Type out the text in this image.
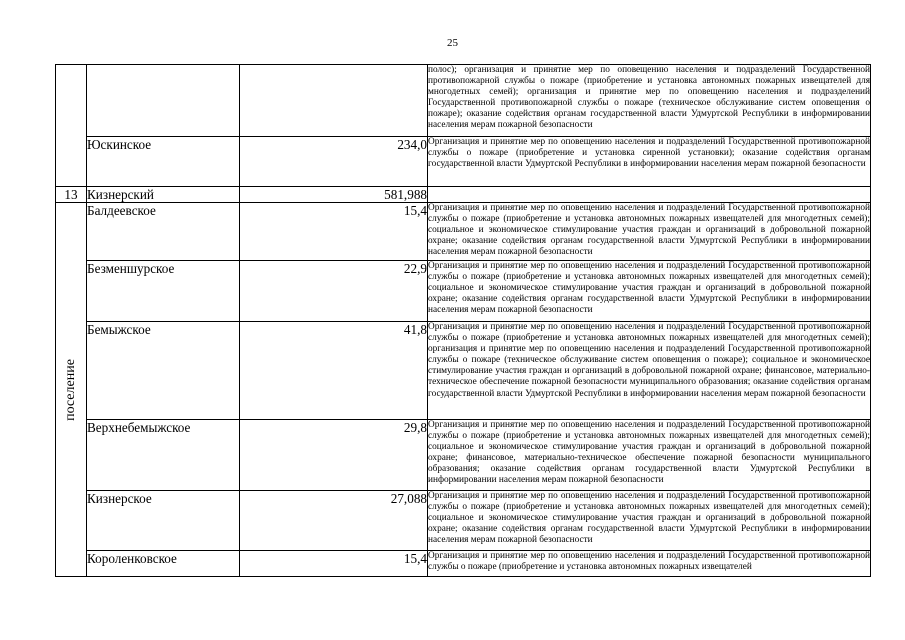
25
			полос); организация и принятие мер по оповещению населения и подразделений Государственной противопожарной службы о пожаре (приобретение и установка автономных пожарных извещателей для многодетных семей); организация и принятие мер по оповещению населения и подразделений Государственной противопожарной службы о пожаре (техническое обслуживание систем оповещения о пожаре); оказание содействия органам государственной власти Удмуртской Республики в информировании населения мерам пожарной безопасности
	Юскинское	234,0	Организация и принятие мер по оповещению населения и подразделений Государственной противопожарной службы о пожаре (приобретение и установка сиренной установки); оказание содействия органам государственной власти Удмуртской Республики в информировании населения мерам пожарной безопасности
13	Кизнерский	581,988	

поселение	Балдеевское	15,4	Организация и принятие мер по оповещению населения и подразделений Государственной противопожарной службы о пожаре (приобретение и установка автономных пожарных извещателей для многодетных семей); социальное и экономическое стимулирование участия граждан и организаций в добровольной пожарной охране; оказание содействия органам государственной власти Удмуртской Республики в информировании населения мерам пожарной безопасности
	Безменшурское	22,9	Организация и принятие мер по оповещению населения и подразделений Государственной противопожарной службы о пожаре (приобретение и установка автономных пожарных извещателей для многодетных семей); социальное и экономическое стимулирование участия граждан и организаций в добровольной пожарной охране; оказание содействия органам государственной власти Удмуртской Республики в информировании населения мерам пожарной безопасности
	Бемыжское	41,8	Организация и принятие мер по оповещению населения и подразделений Государственной противопожарной службы о пожаре (приобретение и установка автономных пожарных извещателей для многодетных семей); организация и принятие мер по оповещению населения и подразделений Государственной противопожарной службы о пожаре (техническое обслуживание систем оповещения о пожаре); социальное и экономическое стимулирование участия граждан и организаций в добровольной пожарной охране; финансовое, материально-техническое обеспечение пожарной безопасности муниципального образования; оказание содействия органам государственной власти Удмуртской Республики в информировании населения мерам пожарной безопасности
	Верхнебемыжское	29,8	Организация и принятие мер по оповещению населения и подразделений Государственной противопожарной службы о пожаре (приобретение и установка автономных пожарных извещателей для многодетных семей); социальное и экономическое стимулирование участия граждан и организаций в добровольной пожарной охране; финансовое, материально-техническое обеспечение пожарной безопасности муниципального образования; оказание содействия органам государственной власти Удмуртской Республики в информировании населения мерам пожарной безопасности
	Кизнерское	27,088	Организация и принятие мер по оповещению населения и подразделений Государственной противопожарной службы о пожаре (приобретение и установка автономных пожарных извещателей для многодетных семей); социальное и экономическое стимулирование участия граждан и организаций в добровольной пожарной охране; оказание содействия органам государственной власти Удмуртской Республики в информировании населения мерам пожарной безопасности
	Короленковское	15,4	Организация и принятие мер по оповещению населения и подразделений Государственной противопожарной службы о пожаре (приобретение и установка автономных пожарных извещателей
